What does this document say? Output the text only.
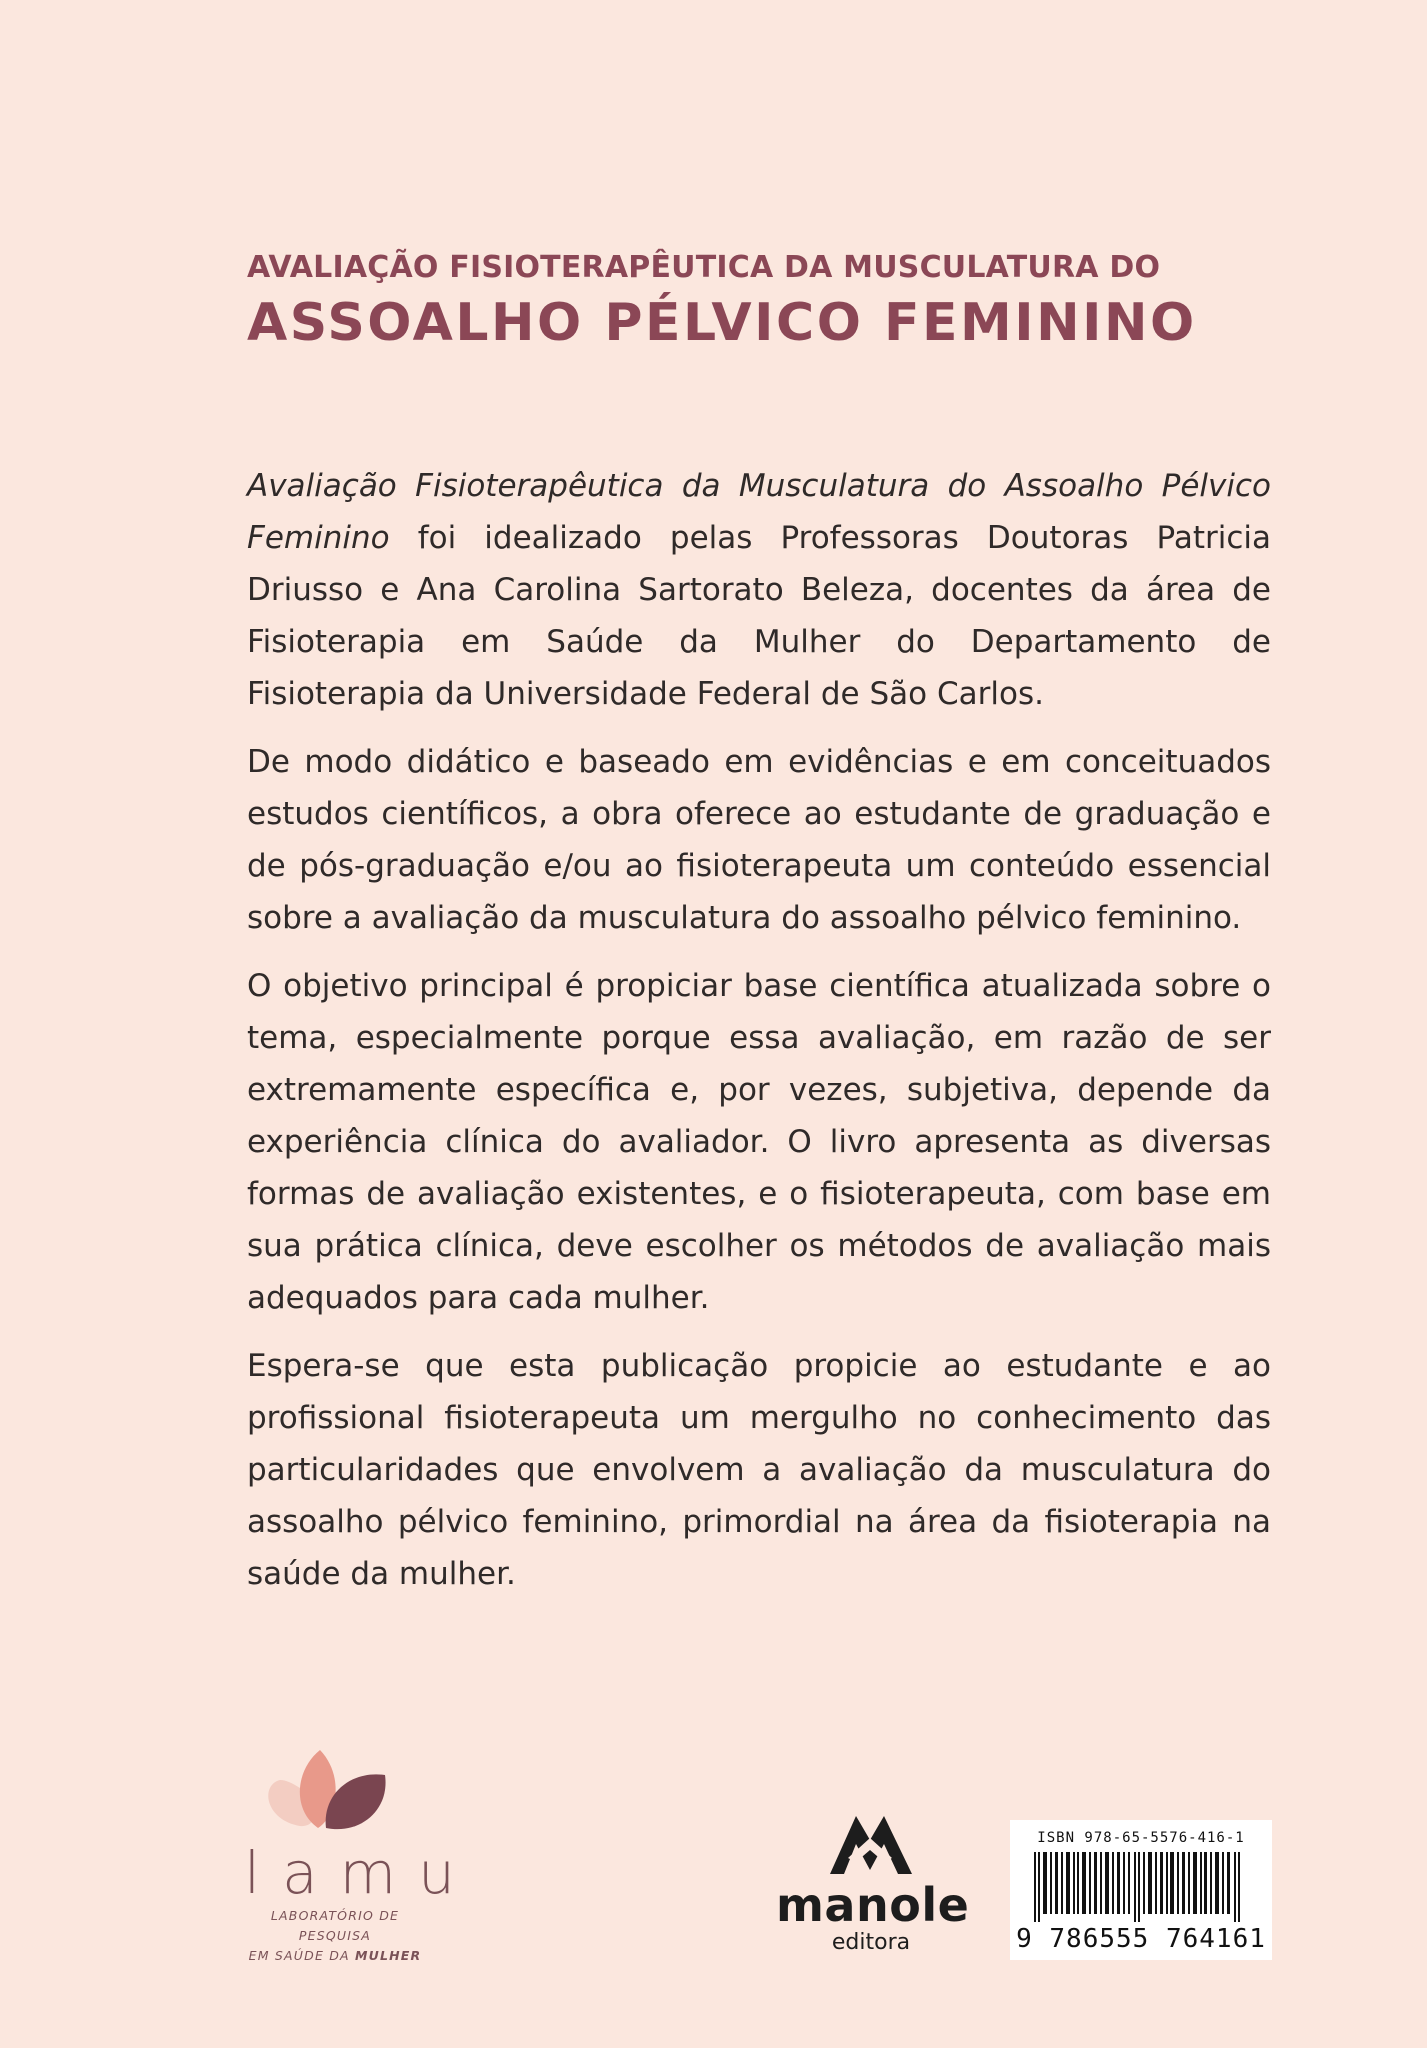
AVALIAÇÃO FISIOTERAPÊUTICA DA MUSCULATURA DO
ASSOALHO PÉLVICO FEMININO

Avaliação Fisioterapêutica da Musculatura do Assoalho Pélvico Feminino foi idealizado pelas Professoras Doutoras Patricia Driusso e Ana Carolina Sartorato Beleza, docentes da área de Fisioterapia em Saúde da Mulher do Departamento de Fisioterapia da Universidade Federal de São Carlos.

De modo didático e baseado em evidências e em conceituados estudos científicos, a obra oferece ao estudante de graduação e de pós-graduação e/ou ao fisioterapeuta um conteúdo essencial sobre a avaliação da musculatura do assoalho pélvico feminino.

O objetivo principal é propiciar base científica atualizada sobre o tema, especialmente porque essa avaliação, em razão de ser extremamente específica e, por vezes, subjetiva, depende da experiência clínica do avaliador. O livro apresenta as diversas formas de avaliação existentes, e o fisioterapeuta, com base em sua prática clínica, deve escolher os métodos de avaliação mais adequados para cada mulher.

Espera-se que esta publicação propicie ao estudante e ao profissional fisioterapeuta um mergulho no conhecimento das particularidades que envolvem a avaliação da musculatura do assoalho pélvico feminino, primordial na área da fisioterapia na saúde da mulher.

lamu
LABORATÓRIO DE PESQUISA
EM SAÚDE DA MULHER
manole
editora
ISBN 978-65-5576-416-1
9 786555 764161
